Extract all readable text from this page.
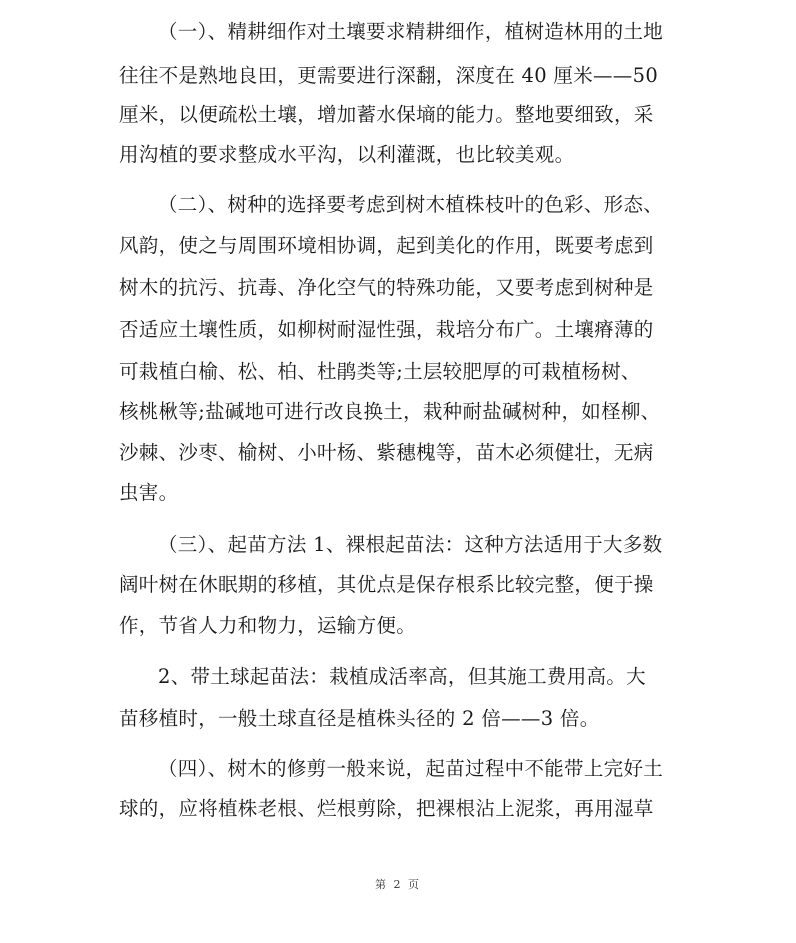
（一）、精耕细作对土壤要求精耕细作，植树造林用的土地
往往不是熟地良田，更需要进行深翻，深度在 40 厘米——50
厘米，以便疏松土壤，增加蓄水保墒的能力。整地要细致，采
用沟植的要求整成水平沟，以利灌溉，也比较美观。
（二）、树种的选择要考虑到树木植株枝叶的色彩、形态、
风韵，使之与周围环境相协调，起到美化的作用，既要考虑到
树木的抗污、抗毒、净化空气的特殊功能，又要考虑到树种是
否适应土壤性质，如柳树耐湿性强，栽培分布广。土壤瘠薄的
可栽植白榆、松、柏、杜鹃类等;土层较肥厚的可栽植杨树、
核桃楸等;盐碱地可进行改良换土，栽种耐盐碱树种，如柽柳、
沙棘、沙枣、榆树、小叶杨、紫穗槐等，苗木必须健壮，无病
虫害。
（三）、起苗方法 1、裸根起苗法：这种方法适用于大多数
阔叶树在休眠期的移植，其优点是保存根系比较完整，便于操
作，节省人力和物力，运输方便。
2、带土球起苗法：栽植成活率高，但其施工费用高。大
苗移植时，一般土球直径是植株头径的 2 倍——3 倍。
（四）、树木的修剪一般来说，起苗过程中不能带上完好土
球的，应将植株老根、烂根剪除，把裸根沾上泥浆，再用湿草
第 2 页
